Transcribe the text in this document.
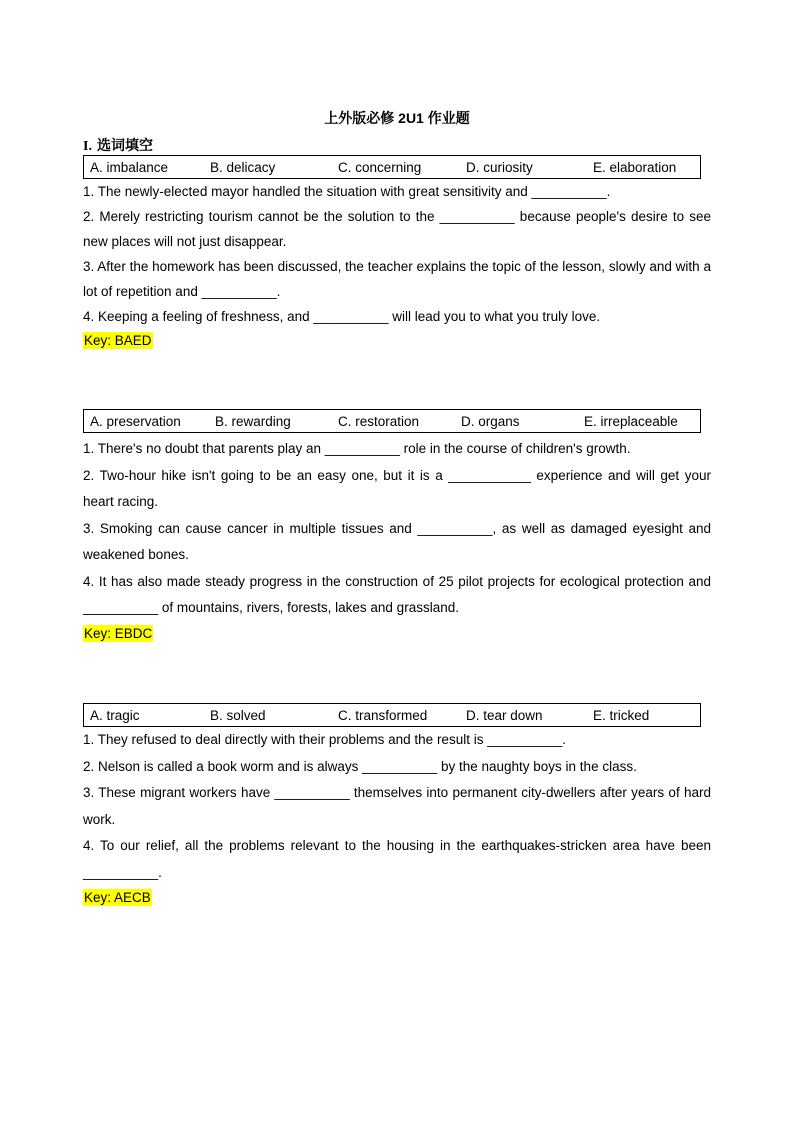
上外版必修 2U1 作业题
I. 选词填空
A. imbalance	B. delicacy	C. concerning	D. curiosity	E. elaboration

1. The newly-elected mayor handled the situation with great sensitivity and __________.

2. Merely restricting tourism cannot be the solution to the __________ because people's desire to see new places will not just disappear.

3. After the homework has been discussed, the teacher explains the topic of the lesson, slowly and with a lot of repetition and __________.

4. Keeping a feeling of freshness, and __________ will lead you to what you truly love.

Key: BAED
A. preservation	B. rewarding	C. restoration	D. organs	E. irreplaceable

1. There's no doubt that parents play an __________ role in the course of children's growth.

2. Two-hour hike isn't going to be an easy one, but it is a ___________ experience and will get your heart racing.

3. Smoking can cause cancer in multiple tissues and __________, as well as damaged eyesight and weakened bones.

4. It has also made steady progress in the construction of 25 pilot projects for ecological protection and __________ of mountains, rivers, forests, lakes and grassland.

Key: EBDC
A. tragic	B. solved	C. transformed	D. tear down	E. tricked

1. They refused to deal directly with their problems and the result is __________.

2. Nelson is called a book worm and is always __________ by the naughty boys in the class.

3. These migrant workers have __________ themselves into permanent city-dwellers after years of hard work.

4. To our relief, all the problems relevant to the housing in the earthquakes-stricken area have been __________.

Key: AECB
